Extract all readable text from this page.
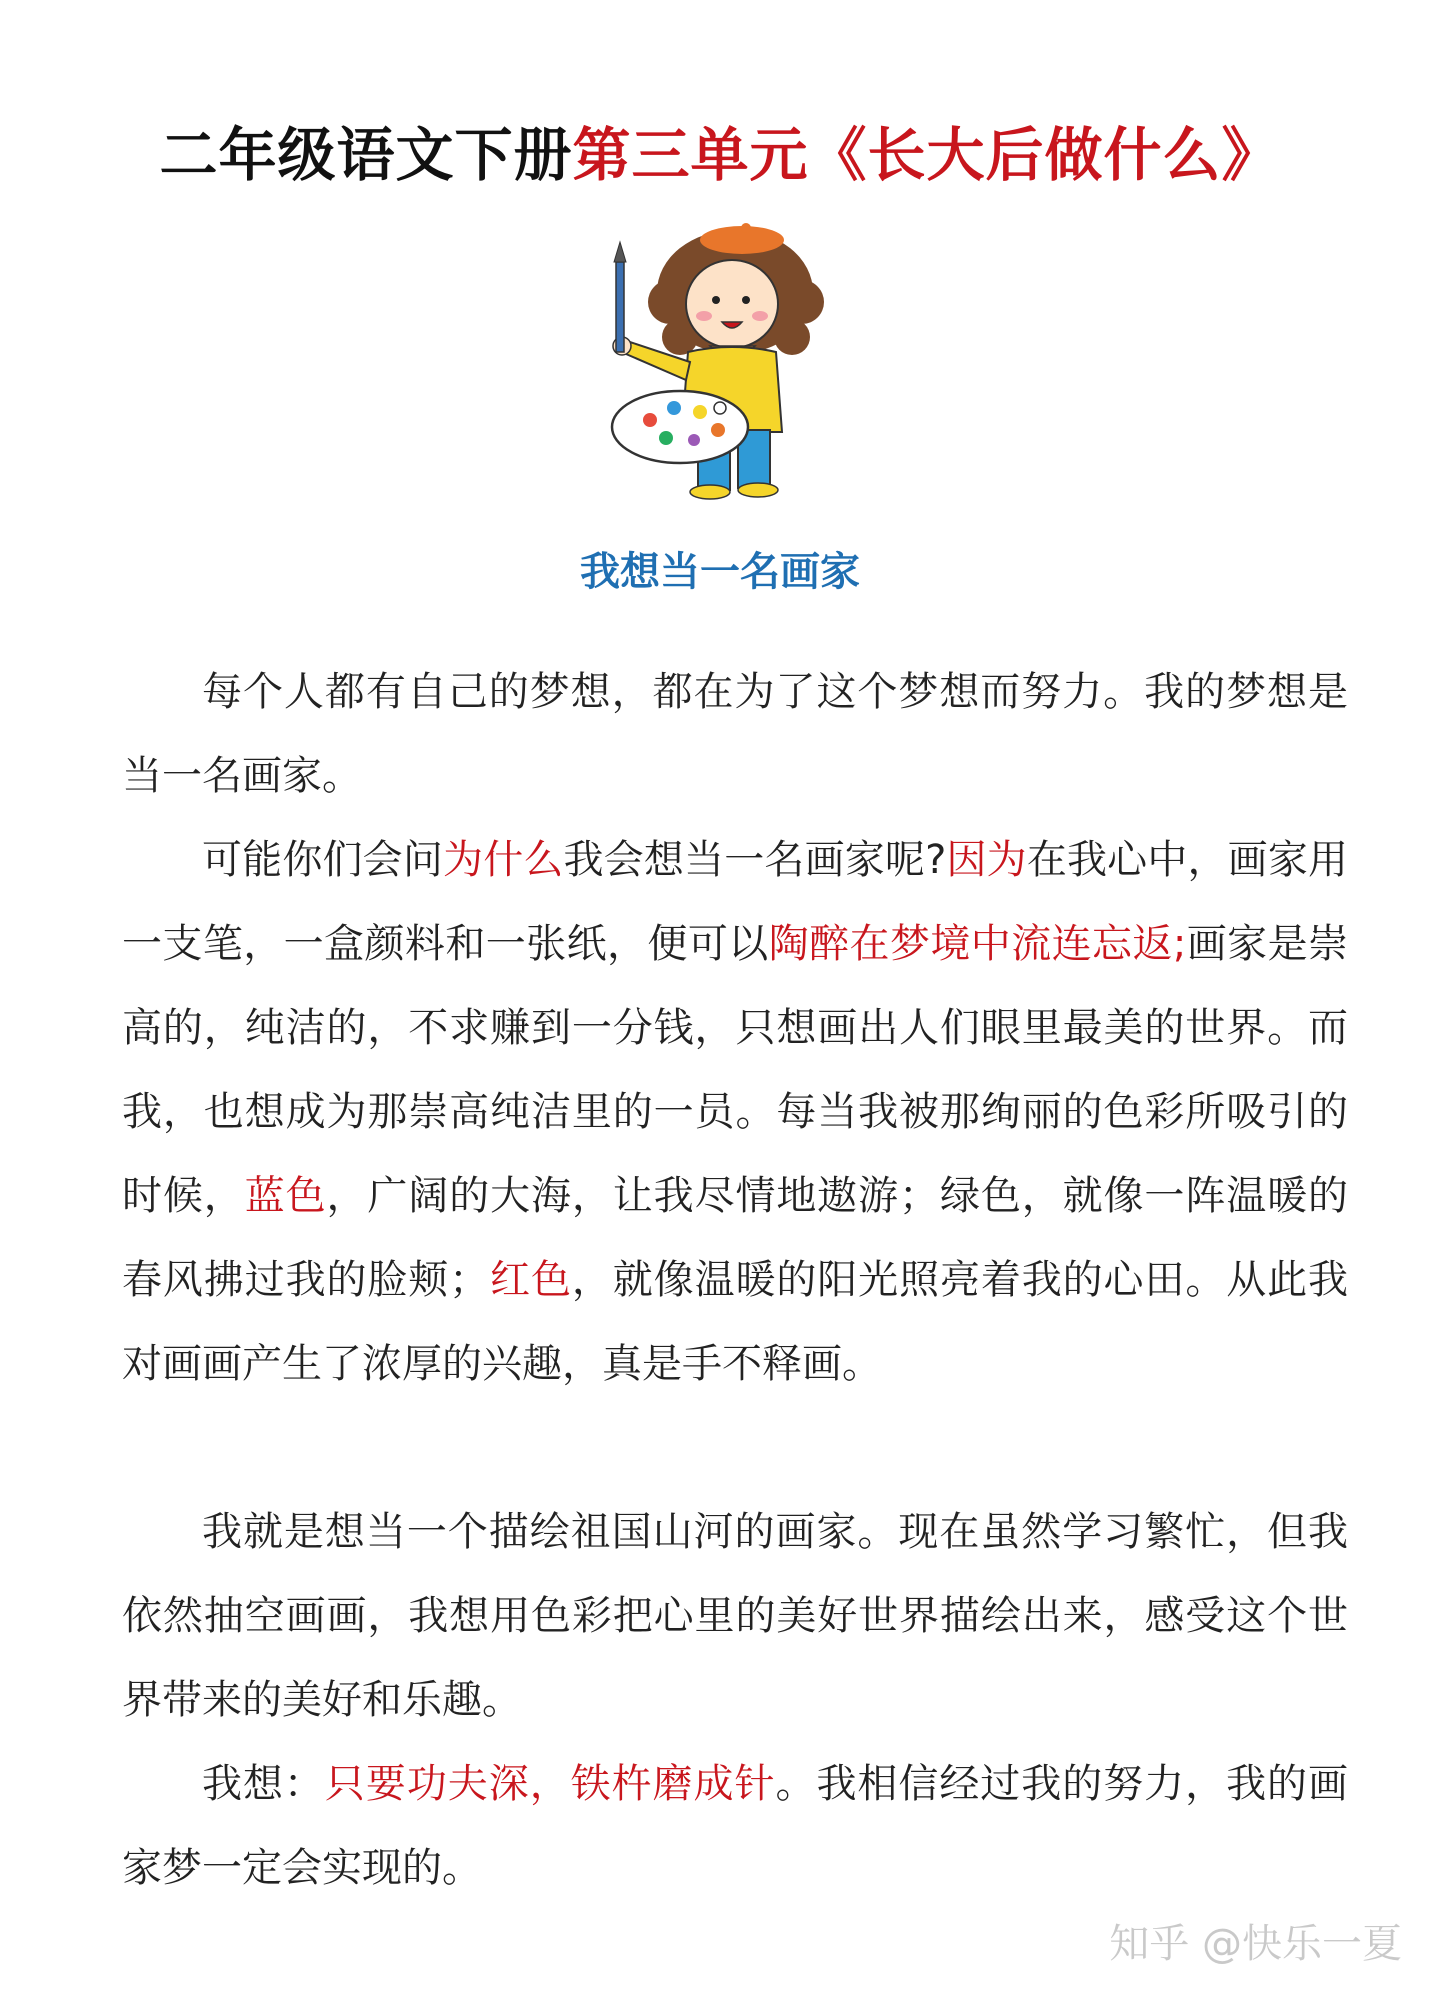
二年级语文下册第三单元《长大后做什么》
我想当一名画家

每个人都有自己的梦想，都在为了这个梦想而努力。我的梦想是当一名画家。

可能你们会问为什么我会想当一名画家呢?因为在我心中，画家用一支笔，一盒颜料和一张纸，便可以陶醉在梦境中流连忘返;画家是崇高的，纯洁的，不求赚到一分钱，只想画出人们眼里最美的世界。而我，也想成为那崇高纯洁里的一员。每当我被那绚丽的色彩所吸引的时候，蓝色，广阔的大海，让我尽情地遨游；绿色，就像一阵温暖的春风拂过我的脸颊；红色，就像温暖的阳光照亮着我的心田。从此我对画画产生了浓厚的兴趣，真是手不释画。

我就是想当一个描绘祖国山河的画家。现在虽然学习繁忙，但我依然抽空画画，我想用色彩把心里的美好世界描绘出来，感受这个世界带来的美好和乐趣。

我想：只要功夫深，铁杵磨成针。我相信经过我的努力，我的画家梦一定会实现的。

知乎 @快乐一夏
